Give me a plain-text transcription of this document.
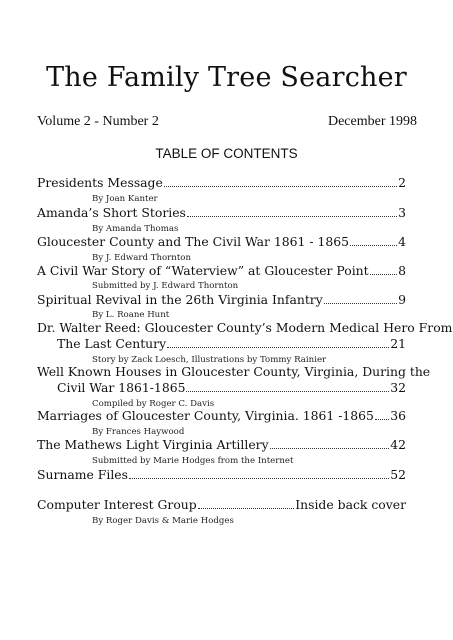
The Family Tree Searcher
Volume 2 - Number 2	December 1998
TABLE OF CONTENTS
Presidents Message	2
By Joan Kanter
Amanda’s Short Stories	3
By Amanda Thomas
Gloucester County and The Civil War 1861 - 1865	4
By J. Edward Thornton
A Civil War Story of “Waterview” at Gloucester Point 8
Submitted by J. Edward Thornton
Spiritual Revival in the 26th Virginia Infantry	9
By L. Roane Hunt
Dr. Walter Reed: Gloucester County’s Modern Medical Hero From
The Last Century	21
Story by Zack Loesch, Illustrations by Tommy Rainier
Well Known Houses in Gloucester County, Virginia, During the
Civil War 1861-1865	32
Compiled by Roger C. Davis
Marriages of Gloucester County, Virginia. 1861 -1865 36
By Frances Haywood
The Mathews Light Virginia Artillery	42
Submitted by Marie Hodges from the Internet
Surname Files	52
Computer Interest Group	Inside back cover
By Roger Davis & Marie Hodges
